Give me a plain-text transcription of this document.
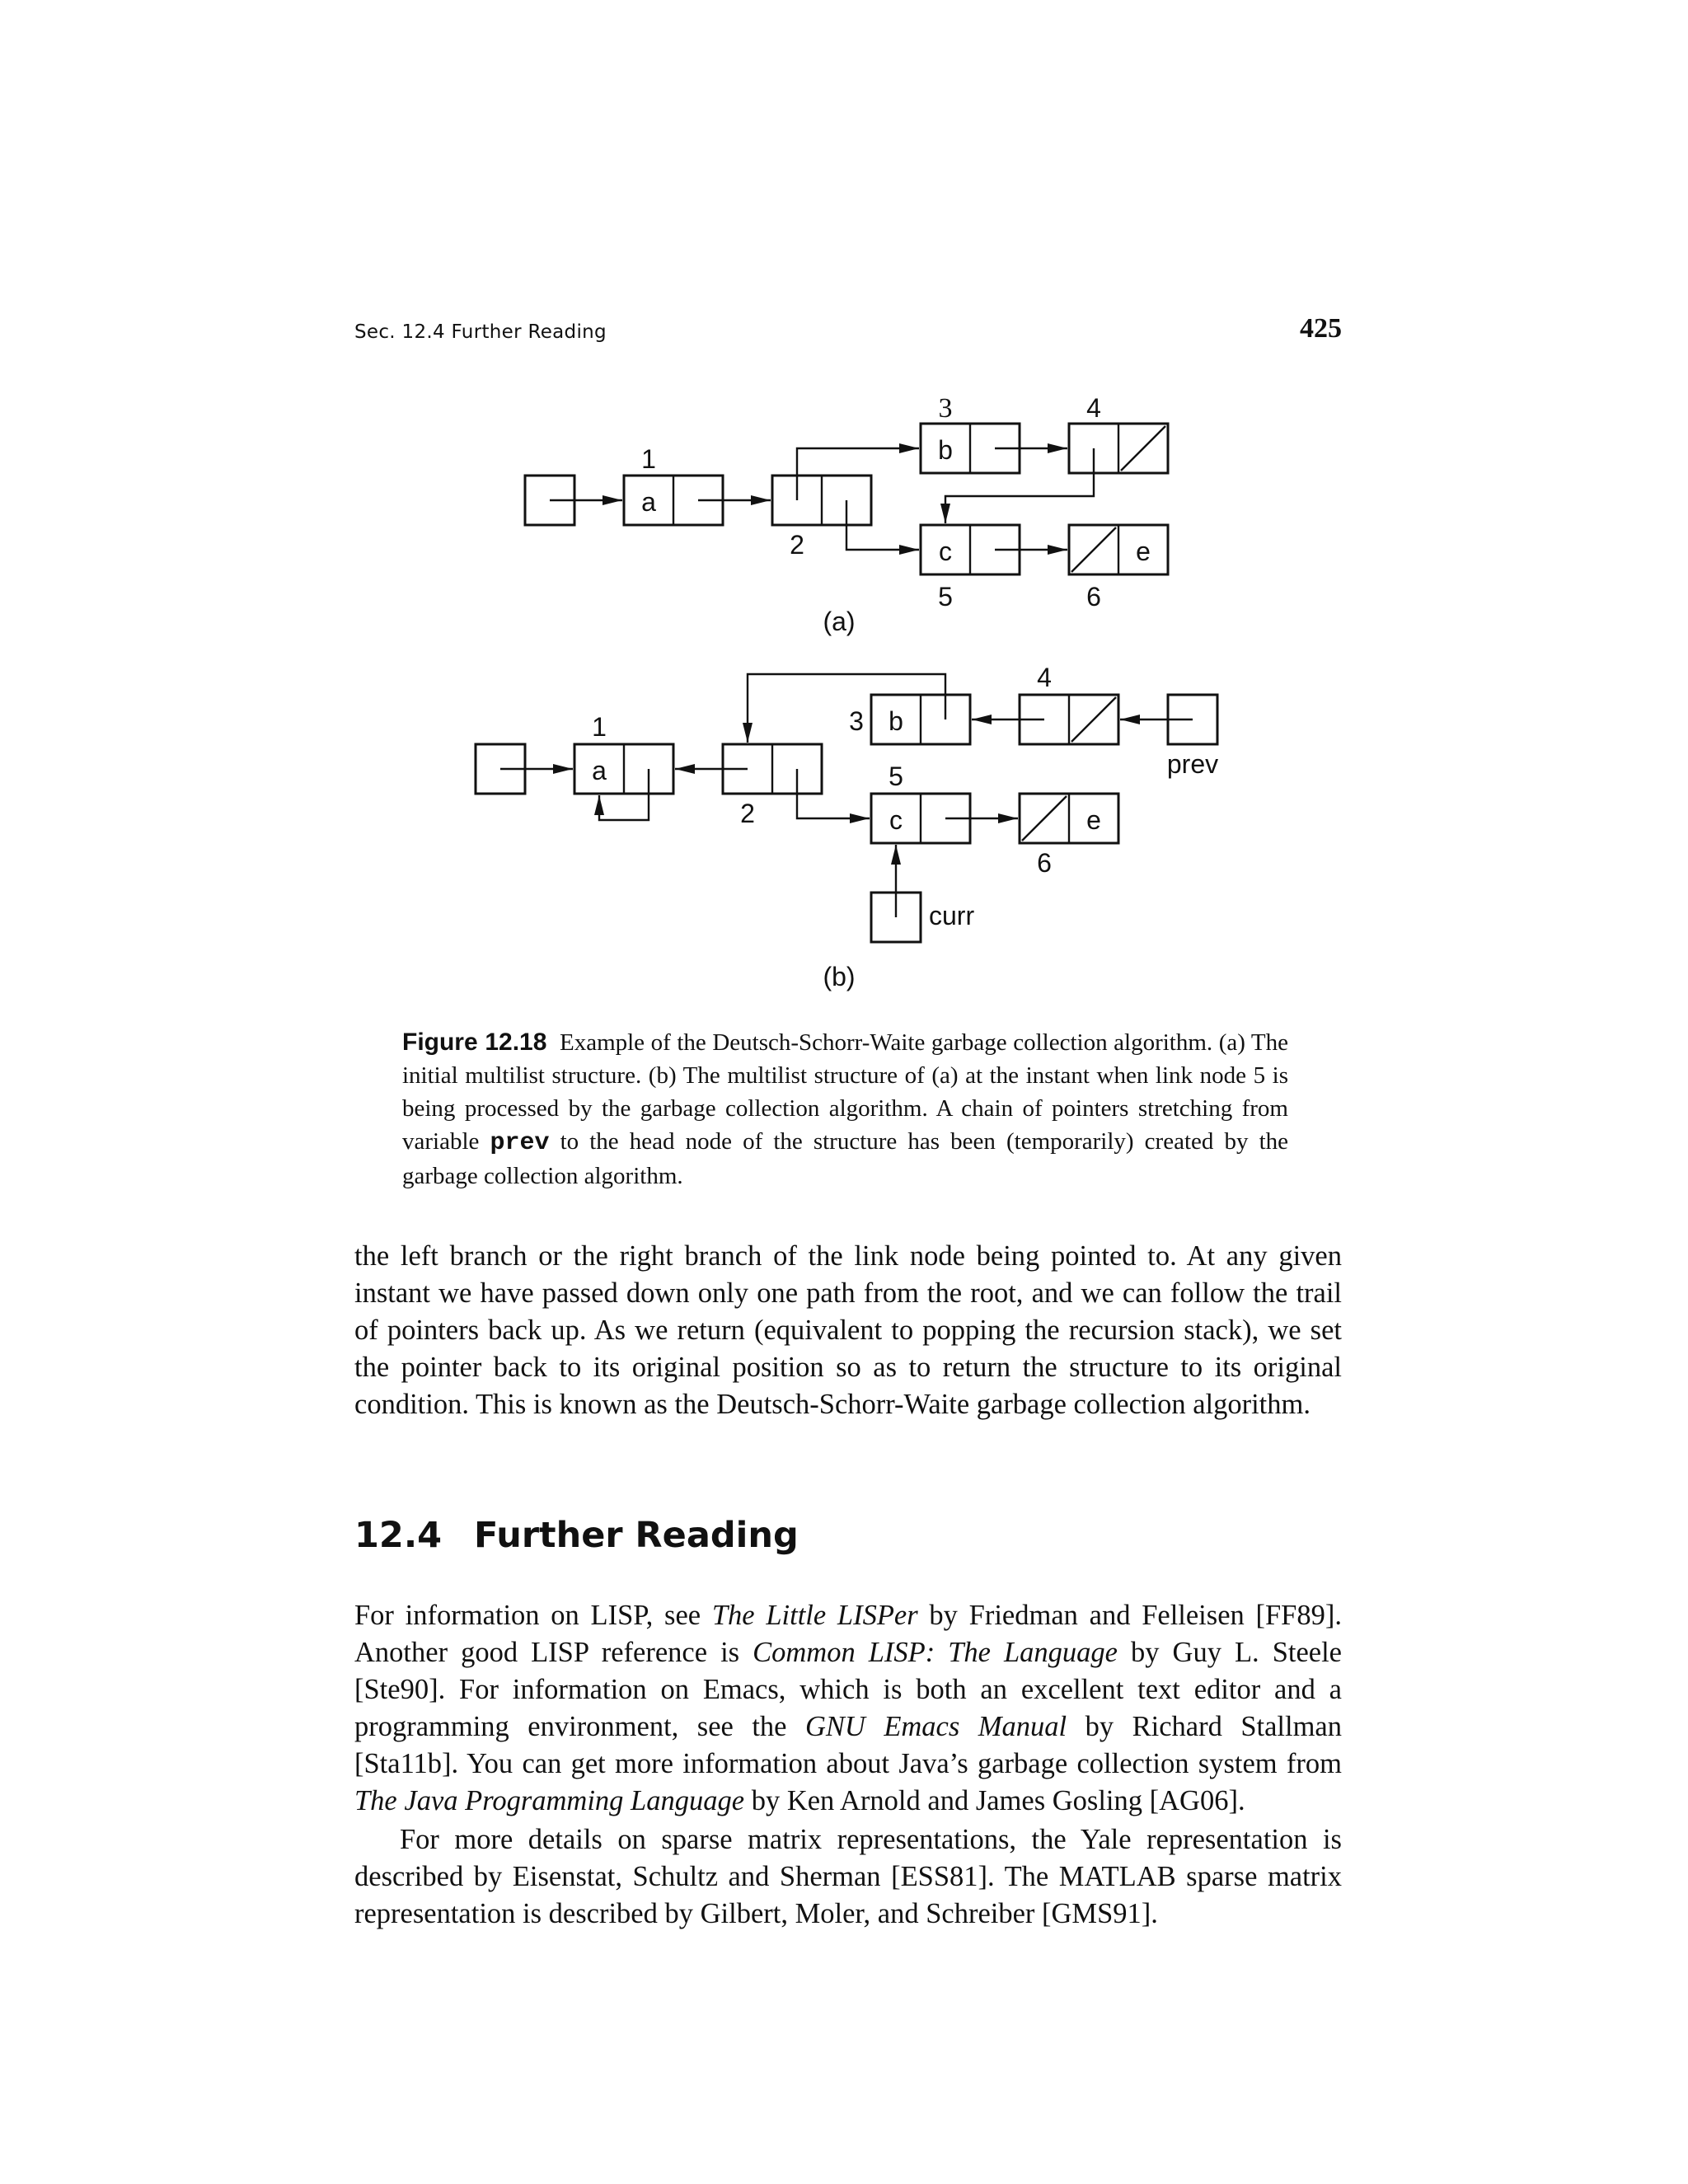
Sec. 12.4 Further Reading	425
a
1
2
b
3	4
c
5
e
6
(a)
a
1
2
b
3
4
prev
c
5
e
6
curr
(b)
Figure 12.18 Example of the Deutsch-Schorr-Waite garbage collection algorithm. (a) The initial multilist structure. (b) The multilist structure of (a) at the instant when link node 5 is being processed by the garbage collection algorithm. A chain of pointers stretching from variable prev to the head node of the structure has been (temporarily) created by the garbage collection algorithm.

the left branch or the right branch of the link node being pointed to. At any given instant we have passed down only one path from the root, and we can follow the trail of pointers back up. As we return (equivalent to popping the recursion stack), we set the pointer back to its original position so as to return the structure to its original condition. This is known as the Deutsch-Schorr-Waite garbage collection algorithm.

12.4 Further Reading

For information on LISP, see The Little LISPer by Friedman and Felleisen [FF89]. Another good LISP reference is Common LISP: The Language by Guy L. Steele [Ste90]. For information on Emacs, which is both an excellent text editor and a programming environment, see the GNU Emacs Manual by Richard Stallman [Sta11b]. You can get more information about Java’s garbage collection system from The Java Programming Language by Ken Arnold and James Gosling [AG06].

For more details on sparse matrix representations, the Yale representation is described by Eisenstat, Schultz and Sherman [ESS81]. The MATLAB sparse matrix representation is described by Gilbert, Moler, and Schreiber [GMS91].
